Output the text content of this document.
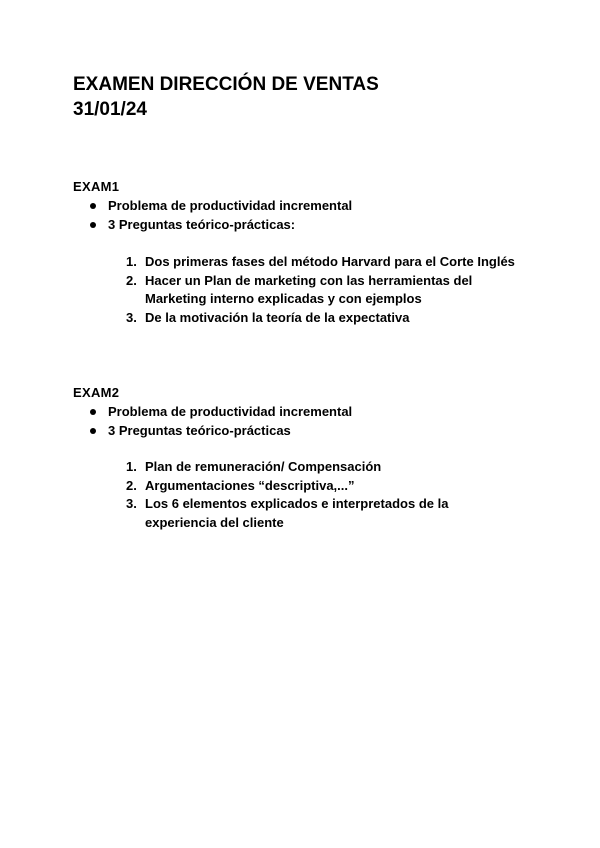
EXAMEN DIRECCIÓN DE VENTAS
31/01/24
EXAM1
Problema de productividad incremental
3 Preguntas teórico-prácticas:
1. Dos primeras fases del método Harvard para el Corte Inglés
2. Hacer un Plan de marketing con las herramientas del Marketing interno explicadas y con ejemplos
3. De la motivación la teoría de la expectativa
EXAM2
Problema de productividad incremental
3 Preguntas teórico-prácticas
1. Plan de remuneración/ Compensación
2. Argumentaciones “descriptiva,...”
3. Los 6 elementos explicados e interpretados de la experiencia del cliente
